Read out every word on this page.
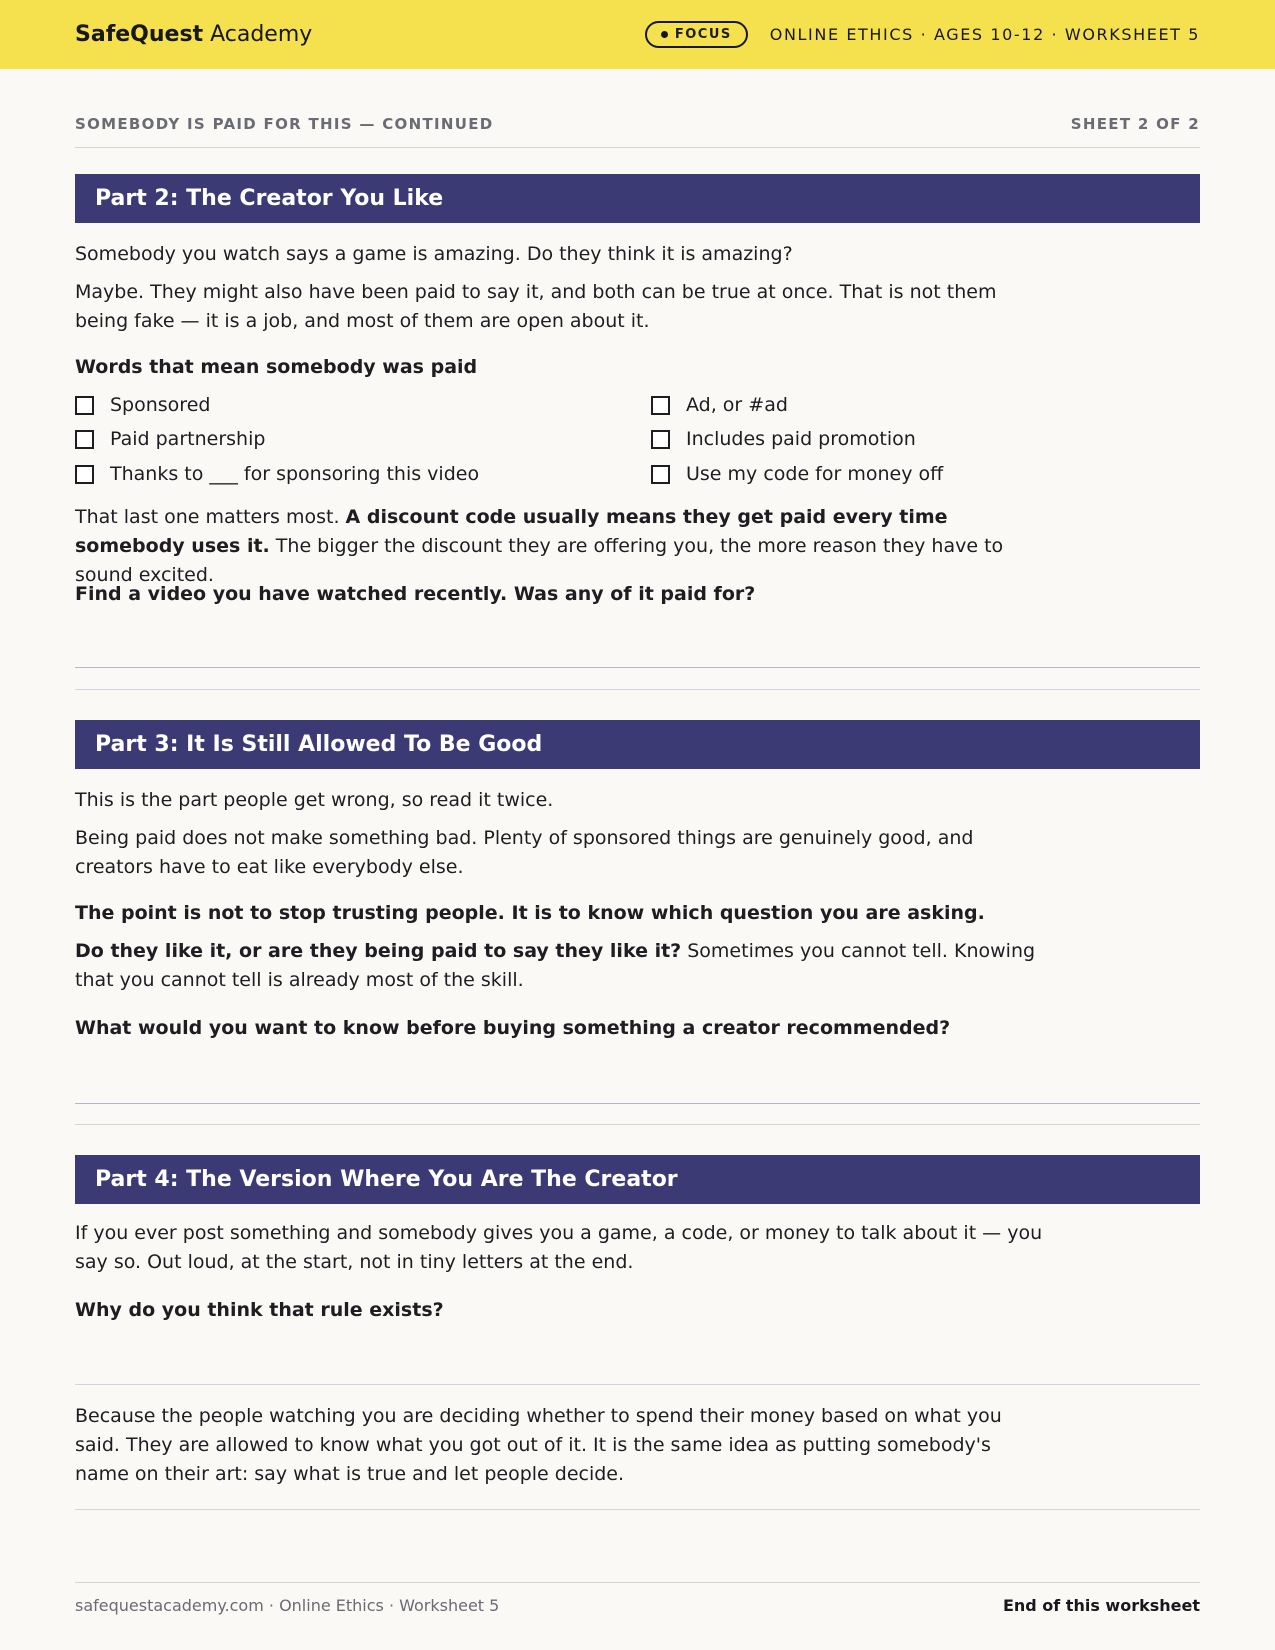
SafeQuest Academy	FOCUS ONLINE ETHICS · AGES 10-12 · WORKSHEET 5
SOMEBODY IS PAID FOR THIS — CONTINUED	SHEET 2 OF 2
Part 2: The Creator You Like
Somebody you watch says a game is amazing. Do they think it is amazing?
Maybe. They might also have been paid to say it, and both can be true at once. That is not them being fake — it is a job, and most of them are open about it.
Words that mean somebody was paid
Sponsored
Paid partnership
Thanks to ___ for sponsoring this video
Ad, or #ad
Includes paid promotion
Use my code for money off
That last one matters most. A discount code usually means they get paid every time somebody uses it. The bigger the discount they are offering you, the more reason they have to sound excited.
Find a video you have watched recently. Was any of it paid for?
Part 3: It Is Still Allowed To Be Good
This is the part people get wrong, so read it twice.
Being paid does not make something bad. Plenty of sponsored things are genuinely good, and creators have to eat like everybody else.
The point is not to stop trusting people. It is to know which question you are asking.
Do they like it, or are they being paid to say they like it? Sometimes you cannot tell. Knowing that you cannot tell is already most of the skill.
What would you want to know before buying something a creator recommended?
Part 4: The Version Where You Are The Creator
If you ever post something and somebody gives you a game, a code, or money to talk about it — you say so. Out loud, at the start, not in tiny letters at the end.
Why do you think that rule exists?
Because the people watching you are deciding whether to spend their money based on what you said. They are allowed to know what you got out of it. It is the same idea as putting somebody's name on their art: say what is true and let people decide.
safequestacademy.com · Online Ethics · Worksheet 5	End of this worksheet
